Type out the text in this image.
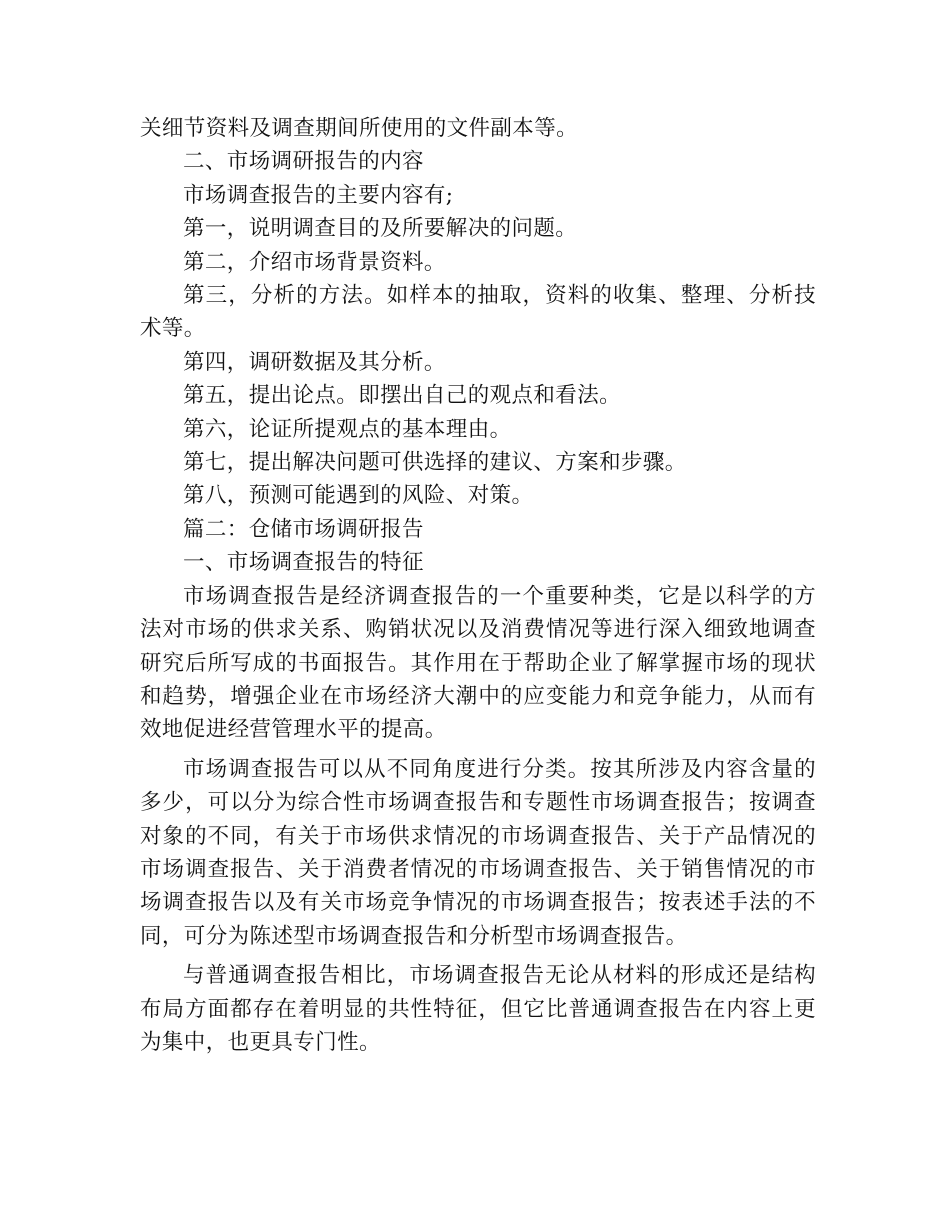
关细节资料及调查期间所使用的文件副本等。

二、市场调研报告的内容

市场调查报告的主要内容有;

第一，说明调查目的及所要解决的问题。

第二，介绍市场背景资料。

第三，分析的方法。如样本的抽取，资料的收集、整理、分析技术等。

第四，调研数据及其分析。

第五，提出论点。即摆出自己的观点和看法。

第六，论证所提观点的基本理由。

第七，提出解决问题可供选择的建议、方案和步骤。

第八，预测可能遇到的风险、对策。

篇二：仓储市场调研报告

一、市场调查报告的特征

市场调查报告是经济调查报告的一个重要种类，它是以科学的方法对市场的供求关系、购销状况以及消费情况等进行深入细致地调查研究后所写成的书面报告。其作用在于帮助企业了解掌握市场的现状和趋势，增强企业在市场经济大潮中的应变能力和竞争能力，从而有效地促进经营管理水平的提高。

市场调查报告可以从不同角度进行分类。按其所涉及内容含量的多少，可以分为综合性市场调查报告和专题性市场调查报告；按调查对象的不同，有关于市场供求情况的市场调查报告、关于产品情况的市场调查报告、关于消费者情况的市场调查报告、关于销售情况的市场调查报告以及有关市场竞争情况的市场调查报告；按表述手法的不同，可分为陈述型市场调查报告和分析型市场调查报告。

与普通调查报告相比，市场调查报告无论从材料的形成还是结构布局方面都存在着明显的共性特征，但它比普通调查报告在内容上更为集中，也更具专门性。
